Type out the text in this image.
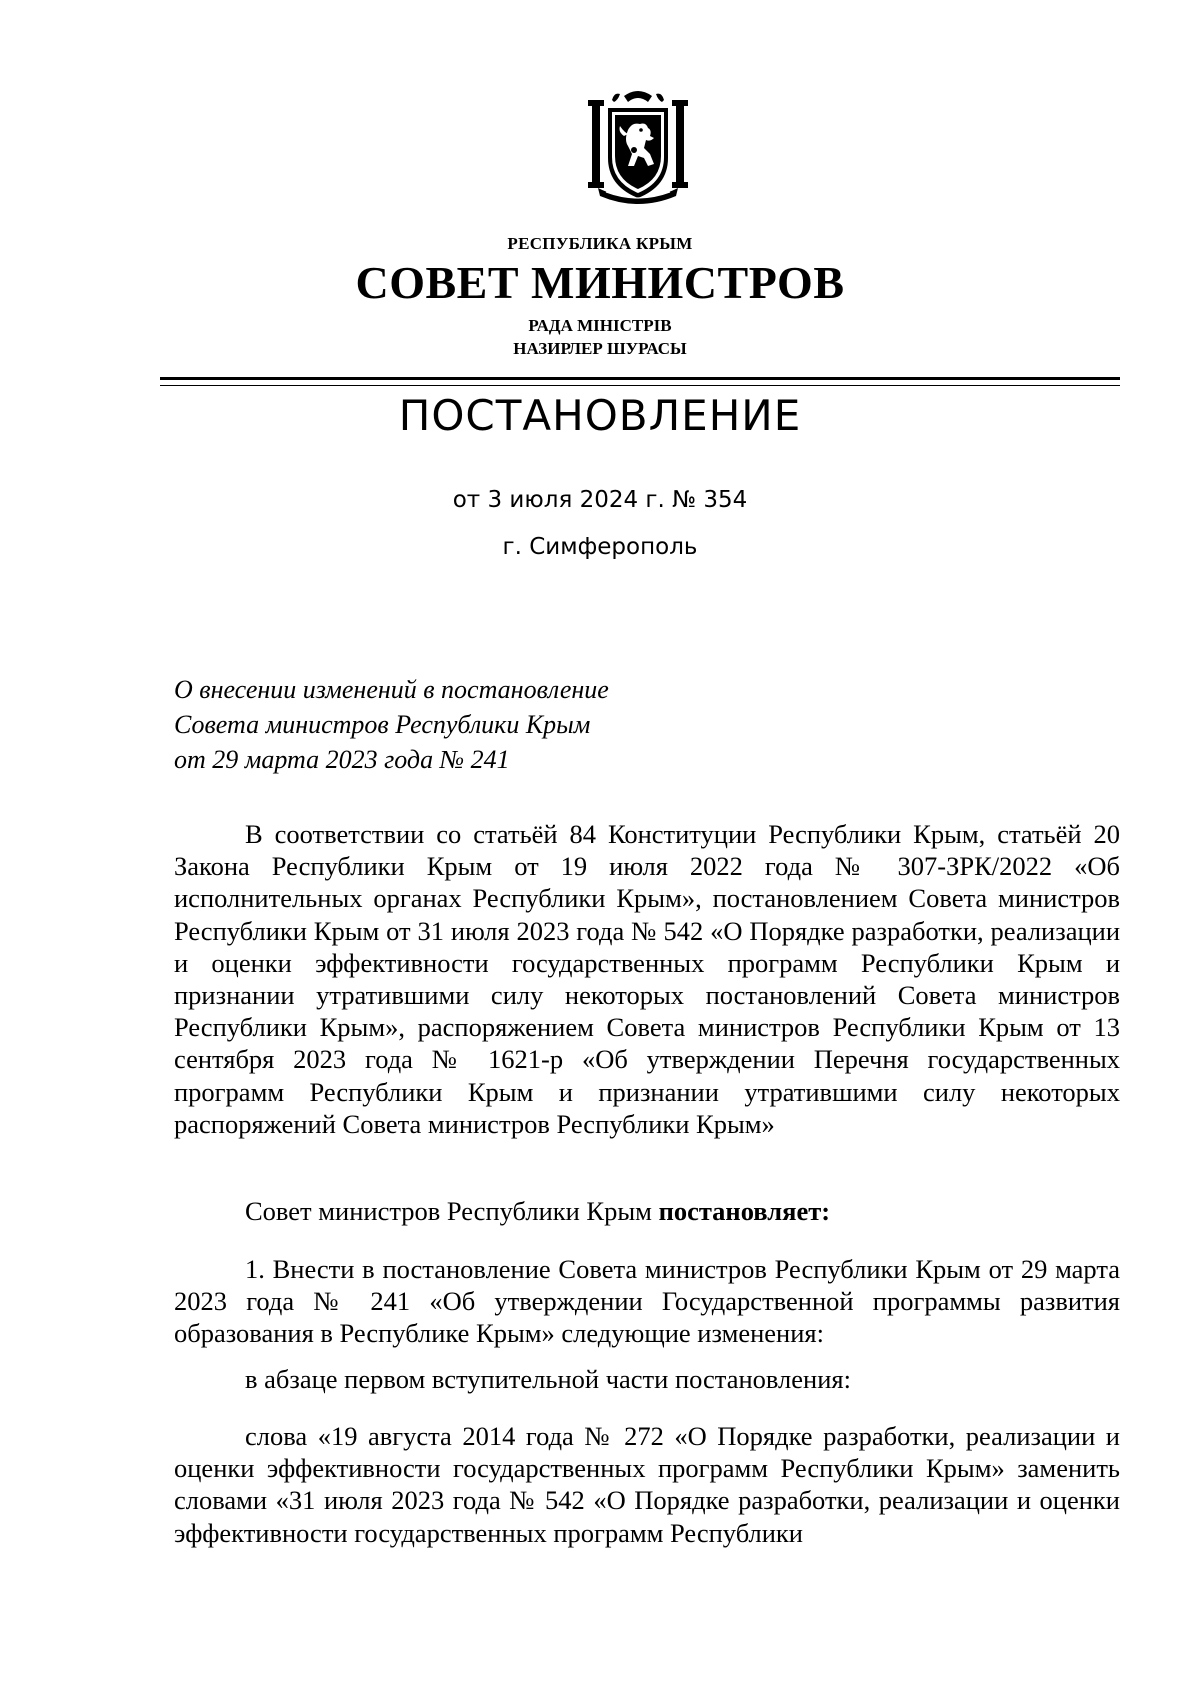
РЕСПУБЛИКА КРЫМ
СОВЕТ МИНИСТРОВ
РАДА МІНІСТРІВ
НАЗИРЛЕР ШУРАСЫ
ПОСТАНОВЛЕНИЕ
от 3 июля 2024 г. № 354
г. Симферополь
О внесении изменений в постановление
Совета министров Республики Крым
от 29 марта 2023 года № 241

В соответствии со статьёй 84 Конституции Республики Крым, статьёй 20 Закона Республики Крым от 19 июля 2022 года № 307-ЗРК/2022 «Об исполнительных органах Республики Крым», постановлением Совета министров Республики Крым от 31 июля 2023 года № 542 «О Порядке разработки, реализации и оценки эффективности государственных программ Республики Крым и признании утратившими силу некоторых постановлений Совета министров Республики Крым», распоряжением Совета министров Республики Крым от 13 сентября 2023 года № 1621-р «Об утверждении Перечня государственных программ Республики Крым и признании утратившими силу некоторых распоряжений Совета министров Республики Крым»

Совет министров Республики Крым постановляет:

1. Внести в постановление Совета министров Республики Крым от 29 марта 2023 года № 241 «Об утверждении Государственной программы развития образования в Республике Крым» следующие изменения:

в абзаце первом вступительной части постановления:

слова «19 августа 2014 года № 272 «О Порядке разработки, реализации и оценки эффективности государственных программ Республики Крым» заменить словами «31 июля 2023 года № 542 «О Порядке разработки, реализации и оценки эффективности государственных программ Республики
